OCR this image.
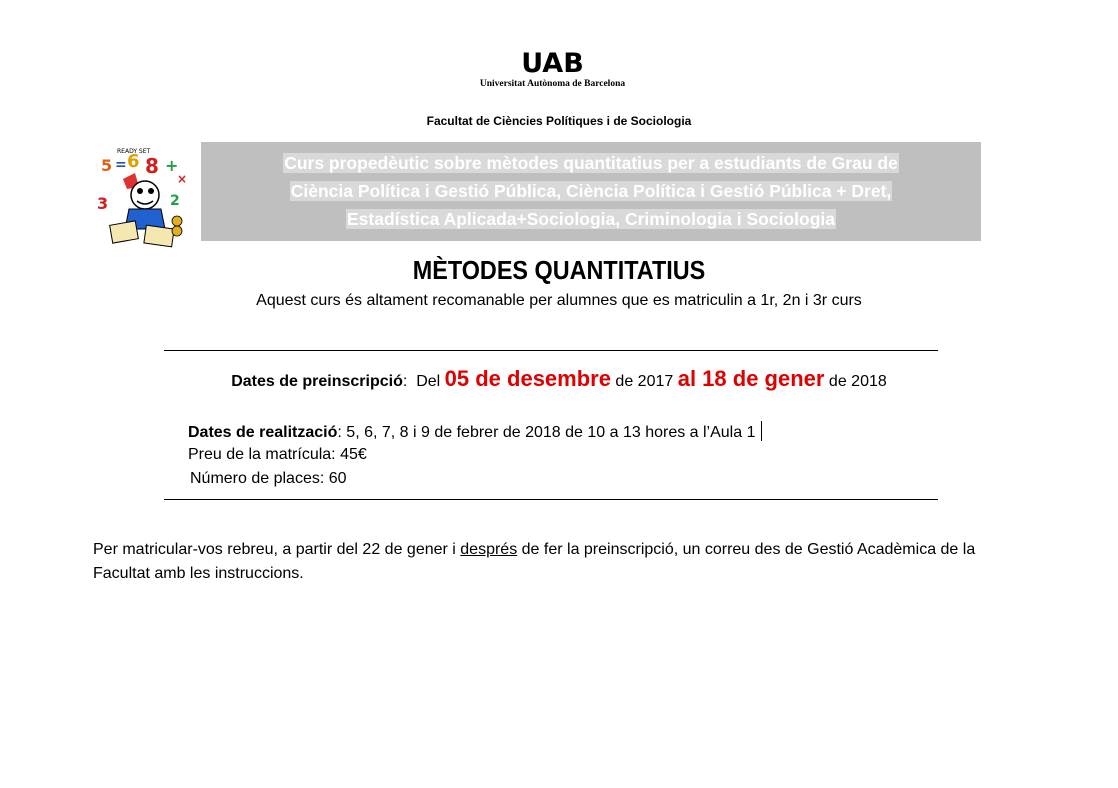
UAB
Universitat Autònoma de Barcelona
Facultat de Ciències Polítiques i de Sociologia
READY SET
5 = 6 8 +
×
3	2
Curs propedèutic sobre mètodes quantitatius per a estudiants de Grau de
Ciència Política i Gestió Pública, Ciència Política i Gestió Pública + Dret,
Estadística Aplicada+Sociologia, Criminologia i Sociologia
MÈTODES QUANTITATIUS
Aquest curs és altament recomanable per alumnes que es matriculin a 1r, 2n i 3r curs
Dates de preinscripció: Del 05 de desembre de 2017 al 18 de gener de 2018
Dates de realització: 5, 6, 7, 8 i 9 de febrer de 2018 de 10 a 13 hores a l’Aula 1
Preu de la matrícula: 45€
Número de places: 60
Per matricular-vos rebreu, a partir del 22 de gener i després de fer la preinscripció, un correu des de Gestió Acadèmica de la Facultat amb les instruccions.
